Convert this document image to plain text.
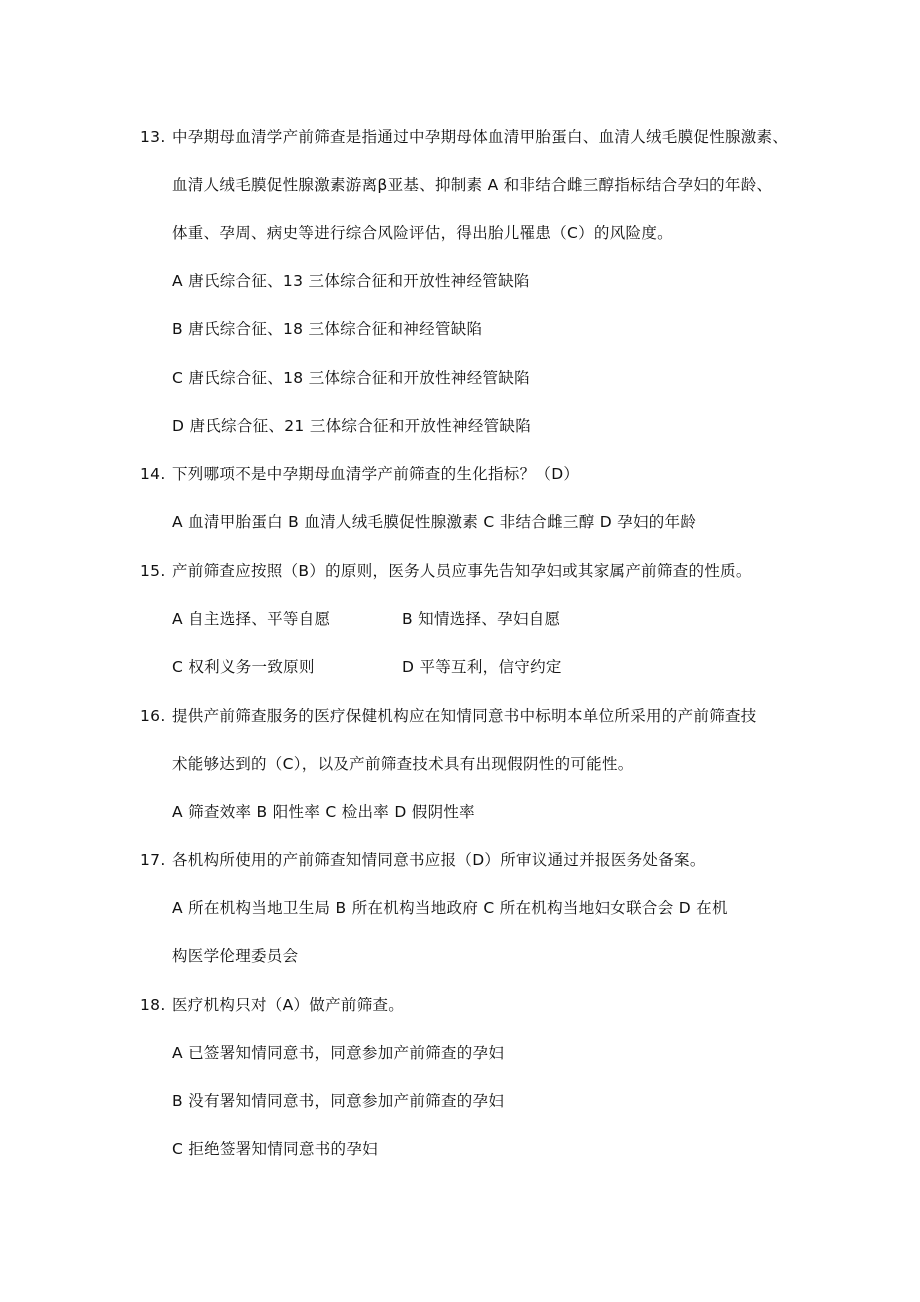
13. 中孕期母血清学产前筛查是指通过中孕期母体血清甲胎蛋白、血清人绒毛膜促性腺激素、
血清人绒毛膜促性腺激素游离β亚基、抑制素 A 和非结合雌三醇指标结合孕妇的年龄、
体重、孕周、病史等进行综合风险评估，得出胎儿罹患（C）的风险度。
A 唐氏综合征、13 三体综合征和开放性神经管缺陷
B 唐氏综合征、18 三体综合征和神经管缺陷
C 唐氏综合征、18 三体综合征和开放性神经管缺陷
D 唐氏综合征、21 三体综合征和开放性神经管缺陷
14. 下列哪项不是中孕期母血清学产前筛查的生化指标？（D）
A 血清甲胎蛋白 B 血清人绒毛膜促性腺激素 C 非结合雌三醇 D 孕妇的年龄
15. 产前筛查应按照（B）的原则，医务人员应事先告知孕妇或其家属产前筛查的性质。
A 自主选择、平等自愿	B 知情选择、孕妇自愿
C 权利义务一致原则	D 平等互利，信守约定
16. 提供产前筛查服务的医疗保健机构应在知情同意书中标明本单位所采用的产前筛查技
术能够达到的（C），以及产前筛查技术具有出现假阴性的可能性。
A 筛查效率 B 阳性率 C 检出率 D 假阴性率
17. 各机构所使用的产前筛查知情同意书应报（D）所审议通过并报医务处备案。
A 所在机构当地卫生局 B 所在机构当地政府 C 所在机构当地妇女联合会 D 在机
构医学伦理委员会
18. 医疗机构只对（A）做产前筛查。
A 已签署知情同意书，同意参加产前筛查的孕妇
B 没有署知情同意书，同意参加产前筛查的孕妇
C 拒绝签署知情同意书的孕妇
